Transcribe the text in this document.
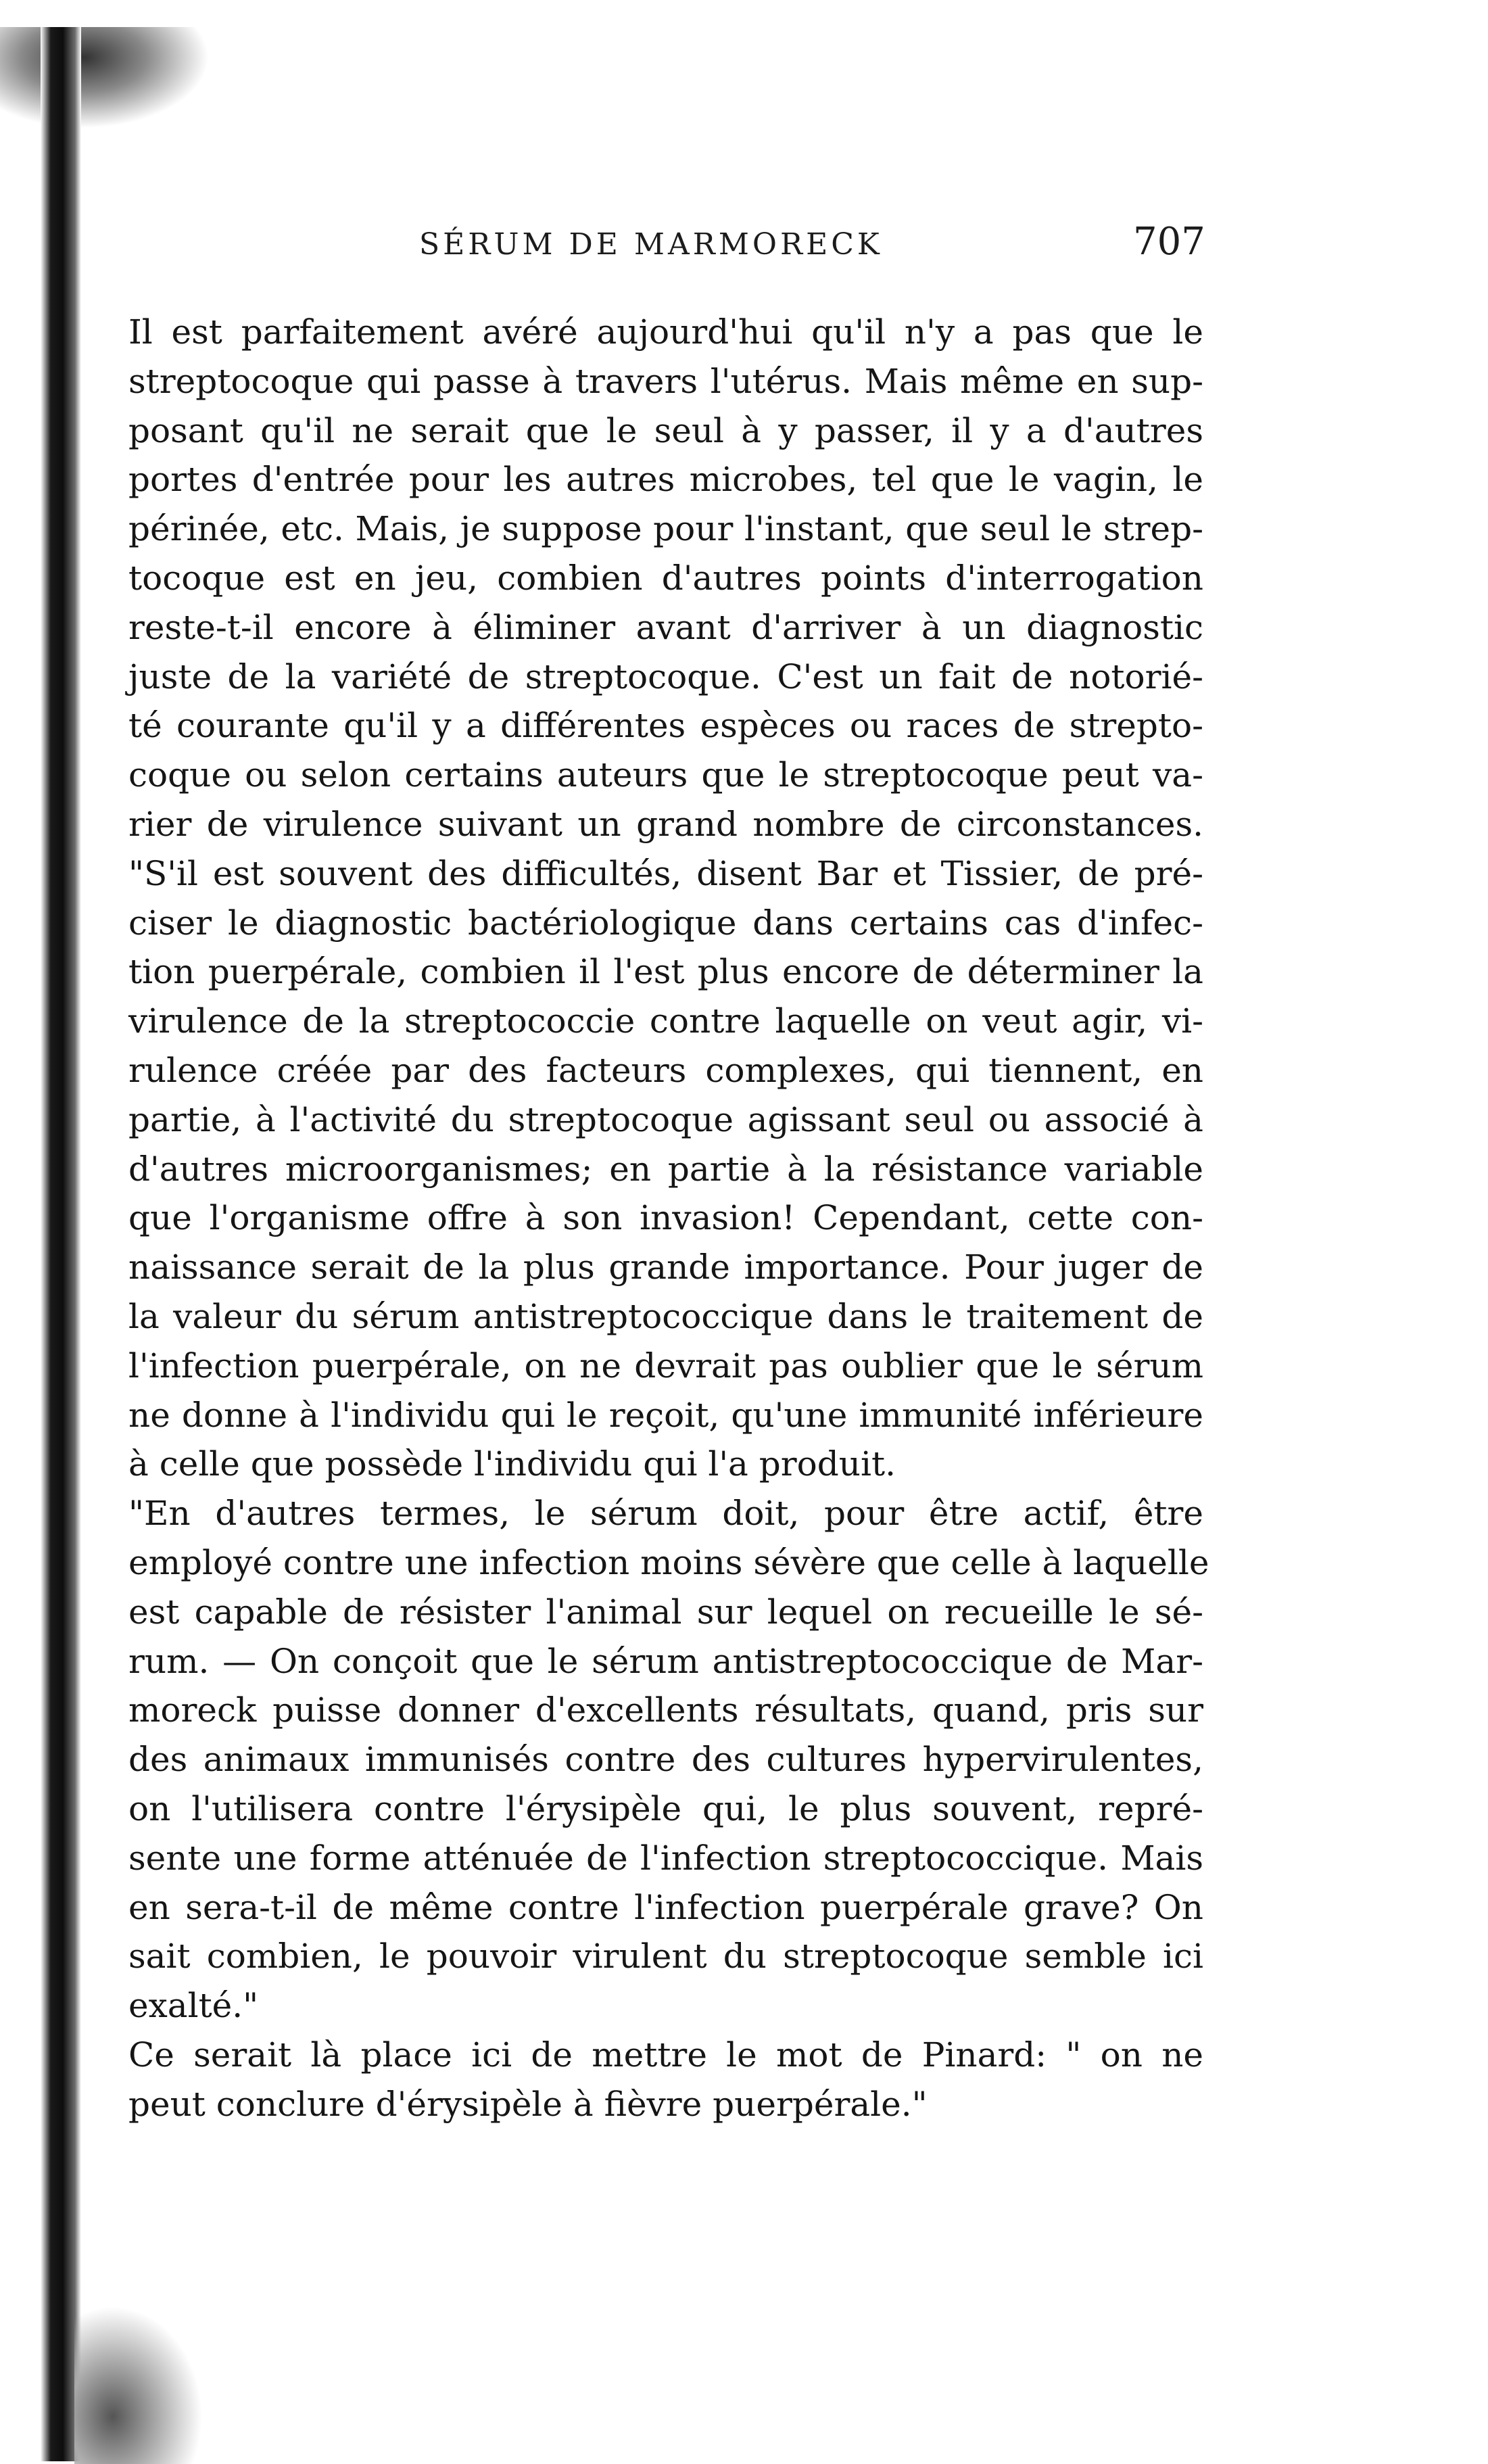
SÉRUM DE MARMORECK	707
Il est parfaitement avéré aujourd'hui qu'il n'y a pas que le
streptocoque qui passe à travers l'utérus. Mais même en sup-
posant qu'il ne serait que le seul à y passer, il y a d'autres
portes d'entrée pour les autres microbes, tel que le vagin, le
périnée, etc. Mais, je suppose pour l'instant, que seul le strep-
tocoque est en jeu, combien d'autres points d'interrogation
reste-t-il encore à éliminer avant d'arriver à un diagnostic
juste de la variété de streptocoque. C'est un fait de notorié-
té courante qu'il y a différentes espèces ou races de strepto-
coque ou selon certains auteurs que le streptocoque peut va-
rier de virulence suivant un grand nombre de circonstances.
"S'il est souvent des difficultés, disent Bar et Tissier, de pré-
ciser le diagnostic bactériologique dans certains cas d'infec-
tion puerpérale, combien il l'est plus encore de déterminer la
virulence de la streptococcie contre laquelle on veut agir, vi-
rulence créée par des facteurs complexes, qui tiennent, en
partie, à l'activité du streptocoque agissant seul ou associé à
d'autres microorganismes; en partie à la résistance variable
que l'organisme offre à son invasion! Cependant, cette con-
naissance serait de la plus grande importance. Pour juger de
la valeur du sérum antistreptococcique dans le traitement de
l'infection puerpérale, on ne devrait pas oublier que le sérum
ne donne à l'individu qui le reçoit, qu'une immunité inférieure
à celle que possède l'individu qui l'a produit.
"En d'autres termes, le sérum doit, pour être actif, être
employé contre une infection moins sévère que celle à laquelle
est capable de résister l'animal sur lequel on recueille le sé-
rum. — On conçoit que le sérum antistreptococcique de Mar-
moreck puisse donner d'excellents résultats, quand, pris sur
des animaux immunisés contre des cultures hypervirulentes,
on l'utilisera contre l'érysipèle qui, le plus souvent, repré-
sente une forme atténuée de l'infection streptococcique. Mais
en sera-t-il de même contre l'infection puerpérale grave? On
sait combien, le pouvoir virulent du streptocoque semble ici
exalté."
Ce serait là place ici de mettre le mot de Pinard: " on ne
peut conclure d'érysipèle à fièvre puerpérale."
